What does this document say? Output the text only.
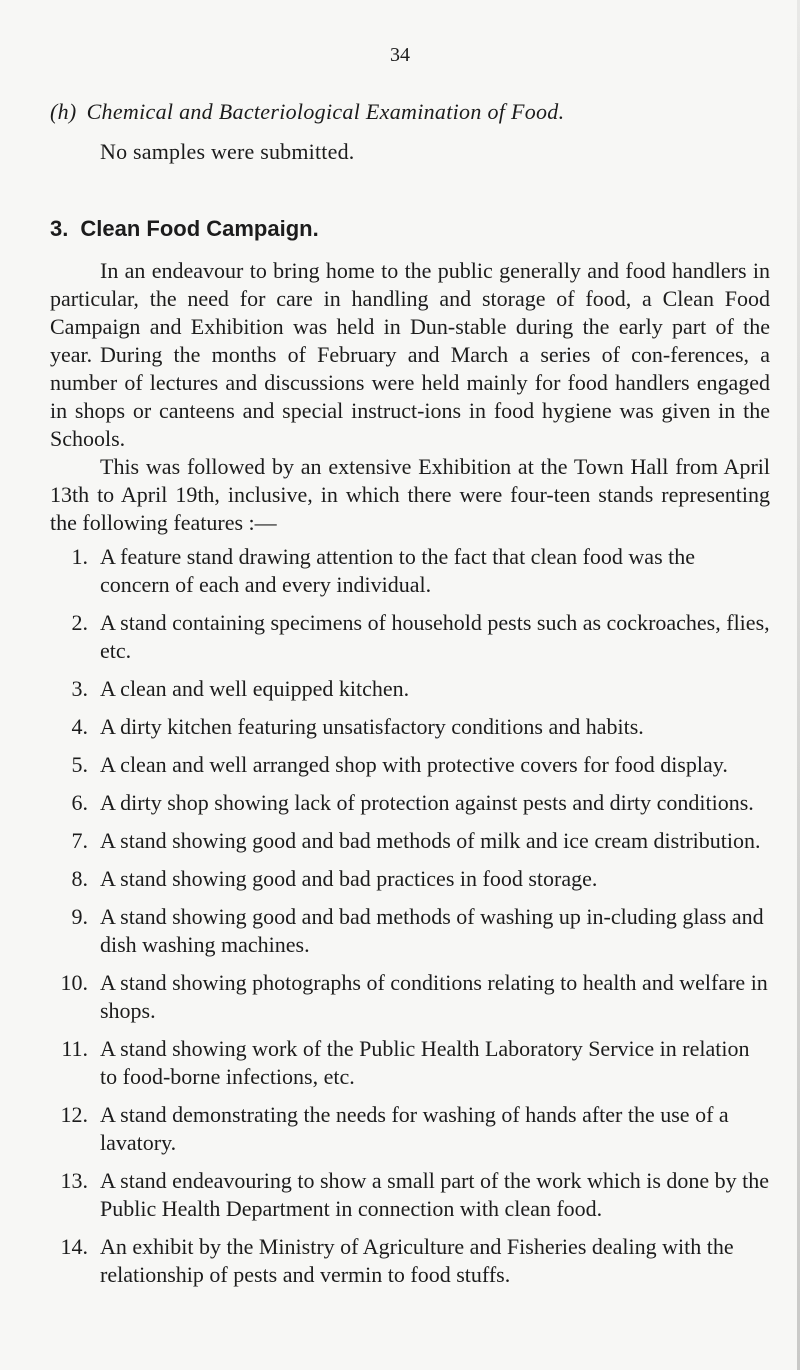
34
(h) Chemical and Bacteriological Examination of Food.
No samples were submitted.
3. Clean Food Campaign.

In an endeavour to bring home to the public generally and food handlers in particular, the need for care in handling and storage of food, a Clean Food Campaign and Exhibition was held in Dun-stable during the early part of the year. During the months of February and March a series of con-ferences, a number of lectures and discussions were held mainly for food handlers engaged in shops or canteens and special instruct-ions in food hygiene was given in the Schools.

This was followed by an extensive Exhibition at the Town Hall from April 13th to April 19th, inclusive, in which there were four-teen stands representing the following features :—

1. A feature stand drawing attention to the fact that clean food was the concern of each and every individual.
2. A stand containing specimens of household pests such as cockroaches, flies, etc.
3. A clean and well equipped kitchen.
4. A dirty kitchen featuring unsatisfactory conditions and habits.
5. A clean and well arranged shop with protective covers for food display.
6. A dirty shop showing lack of protection against pests and dirty conditions.
7. A stand showing good and bad methods of milk and ice cream distribution.
8. A stand showing good and bad practices in food storage.
9. A stand showing good and bad methods of washing up in-cluding glass and dish washing machines.
10. A stand showing photographs of conditions relating to health and welfare in shops.
11. A stand showing work of the Public Health Laboratory Service in relation to food-borne infections, etc.
12. A stand demonstrating the needs for washing of hands after the use of a lavatory.
13. A stand endeavouring to show a small part of the work which is done by the Public Health Department in connection with clean food.
14. An exhibit by the Ministry of Agriculture and Fisheries dealing with the relationship of pests and vermin to food stuffs.
